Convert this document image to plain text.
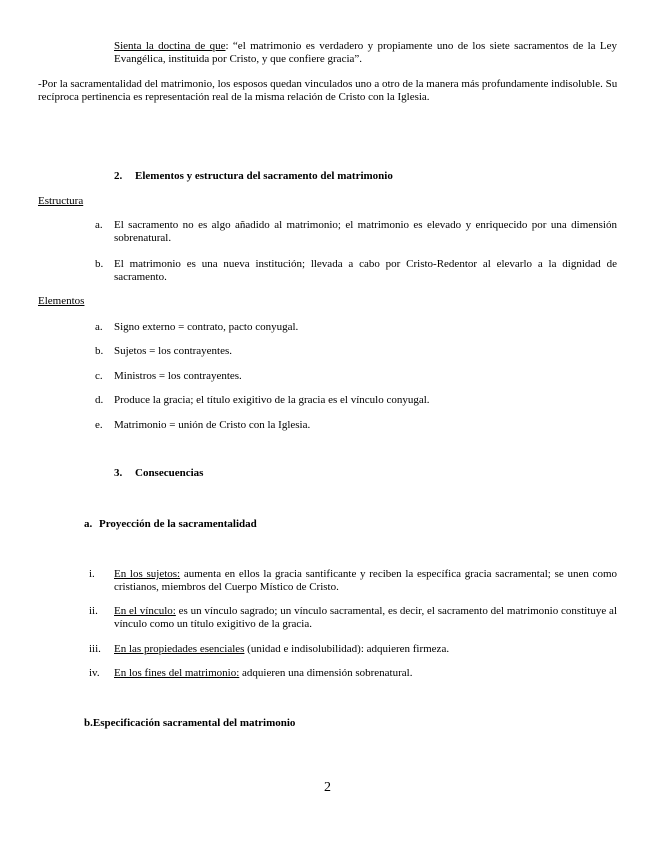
Sienta la doctina de que: “el matrimonio es verdadero y propiamente uno de los siete sacramentos de la Ley Evangélica, instituida por Cristo, y que confiere gracia”.
-Por la sacramentalidad del matrimonio, los esposos quedan vinculados uno a otro de la manera más profundamente indisoluble. Su recíproca pertinencia es representación real de la misma relación de Cristo con la Iglesia.
2. Elementos y estructura del sacramento del matrimonio
Estructura
a. El sacramento no es algo añadido al matrimonio; el matrimonio es elevado y enriquecido por una dimensión sobrenatural.
b. El matrimonio es una nueva institución; llevada a cabo por Cristo-Redentor al elevarlo a la dignidad de sacramento.
Elementos
a. Signo externo = contrato, pacto conyugal.
b. Sujetos = los contrayentes.
c. Ministros = los contrayentes.
d. Produce la gracia; el título exigitivo de la gracia es el vínculo conyugal.
e. Matrimonio = unión de Cristo con la Iglesia.
3. Consecuencias
a. Proyección de la sacramentalidad
i. En los sujetos: aumenta en ellos la gracia santificante y reciben la específica gracia sacramental; se unen como cristianos, miembros del Cuerpo Místico de Cristo.
ii. En el vínculo: es un vínculo sagrado; un vínculo sacramental, es decir, el sacramento del matrimonio constituye al vínculo como un título exigitivo de la gracia.
iii. En las propiedades esenciales (unidad e indisolubilidad): adquieren firmeza.
iv. En los fines del matrimonio: adquieren una dimensión sobrenatural.
b.Especificación sacramental del matrimonio
2
